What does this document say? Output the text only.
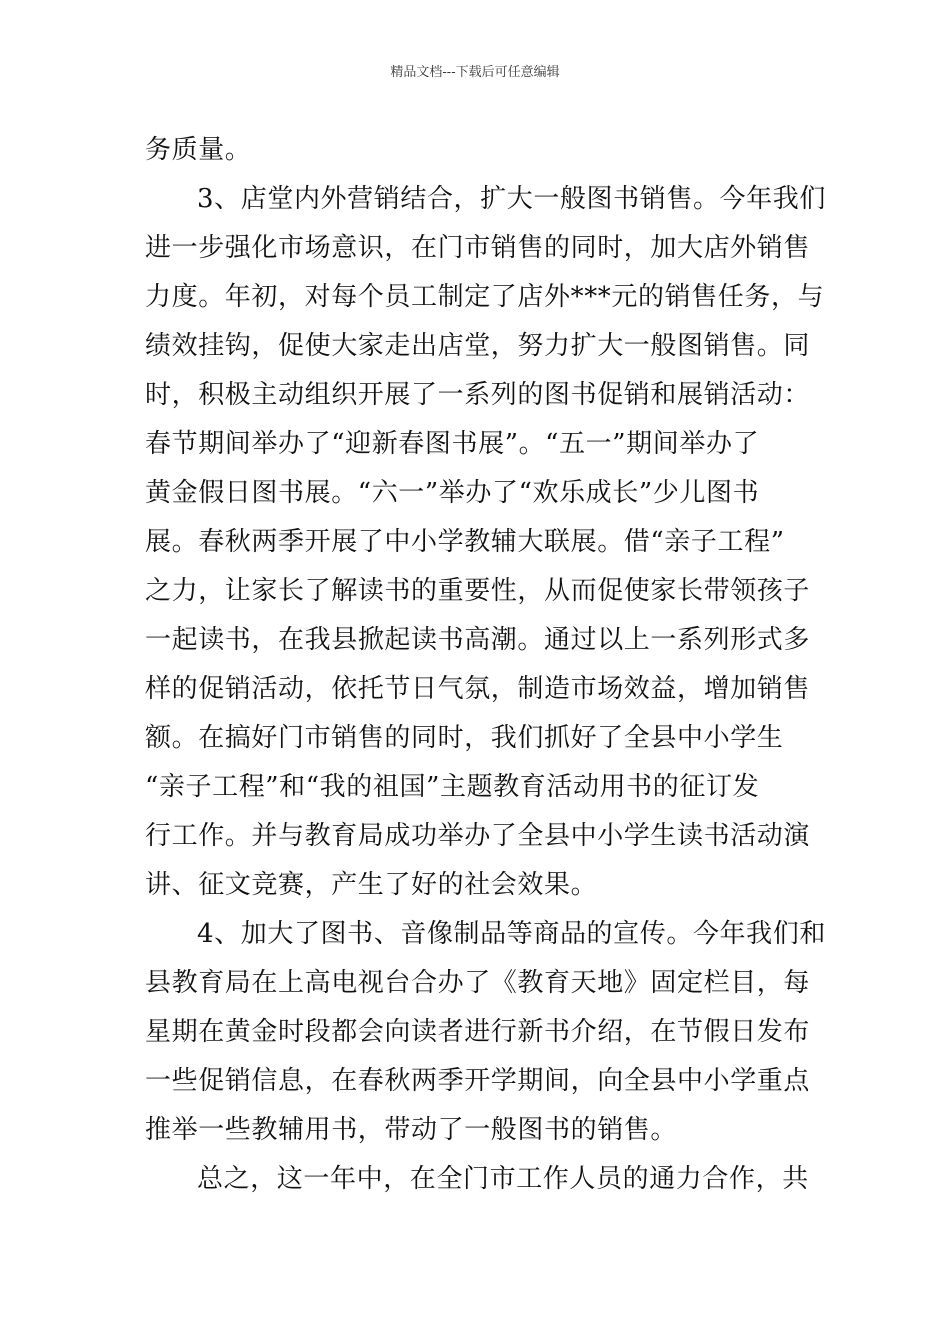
精品文档---下载后可任意编辑
务质量。
3、店堂内外营销结合，扩大一般图书销售。今年我们
进一步强化市场意识，在门市销售的同时，加大店外销售
力度。年初，对每个员工制定了店外***元的销售任务，与
绩效挂钩，促使大家走出店堂，努力扩大一般图销售。同
时，积极主动组织开展了一系列的图书促销和展销活动：
春节期间举办了“迎新春图书展”。“五一”期间举办了
黄金假日图书展。“六一”举办了“欢乐成长”少儿图书
展。春秋两季开展了中小学教辅大联展。借“亲子工程”
之力，让家长了解读书的重要性，从而促使家长带领孩子
一起读书，在我县掀起读书高潮。通过以上一系列形式多
样的促销活动，依托节日气氛，制造市场效益，增加销售
额。在搞好门市销售的同时，我们抓好了全县中小学生
“亲子工程”和“我的祖国”主题教育活动用书的征订发
行工作。并与教育局成功举办了全县中小学生读书活动演
讲、征文竞赛，产生了好的社会效果。
4、加大了图书、音像制品等商品的宣传。今年我们和
县教育局在上高电视台合办了《教育天地》固定栏目，每
星期在黄金时段都会向读者进行新书介绍，在节假日发布
一些促销信息，在春秋两季开学期间，向全县中小学重点
推举一些教辅用书，带动了一般图书的销售。
总之，这一年中，在全门市工作人员的通力合作，共
